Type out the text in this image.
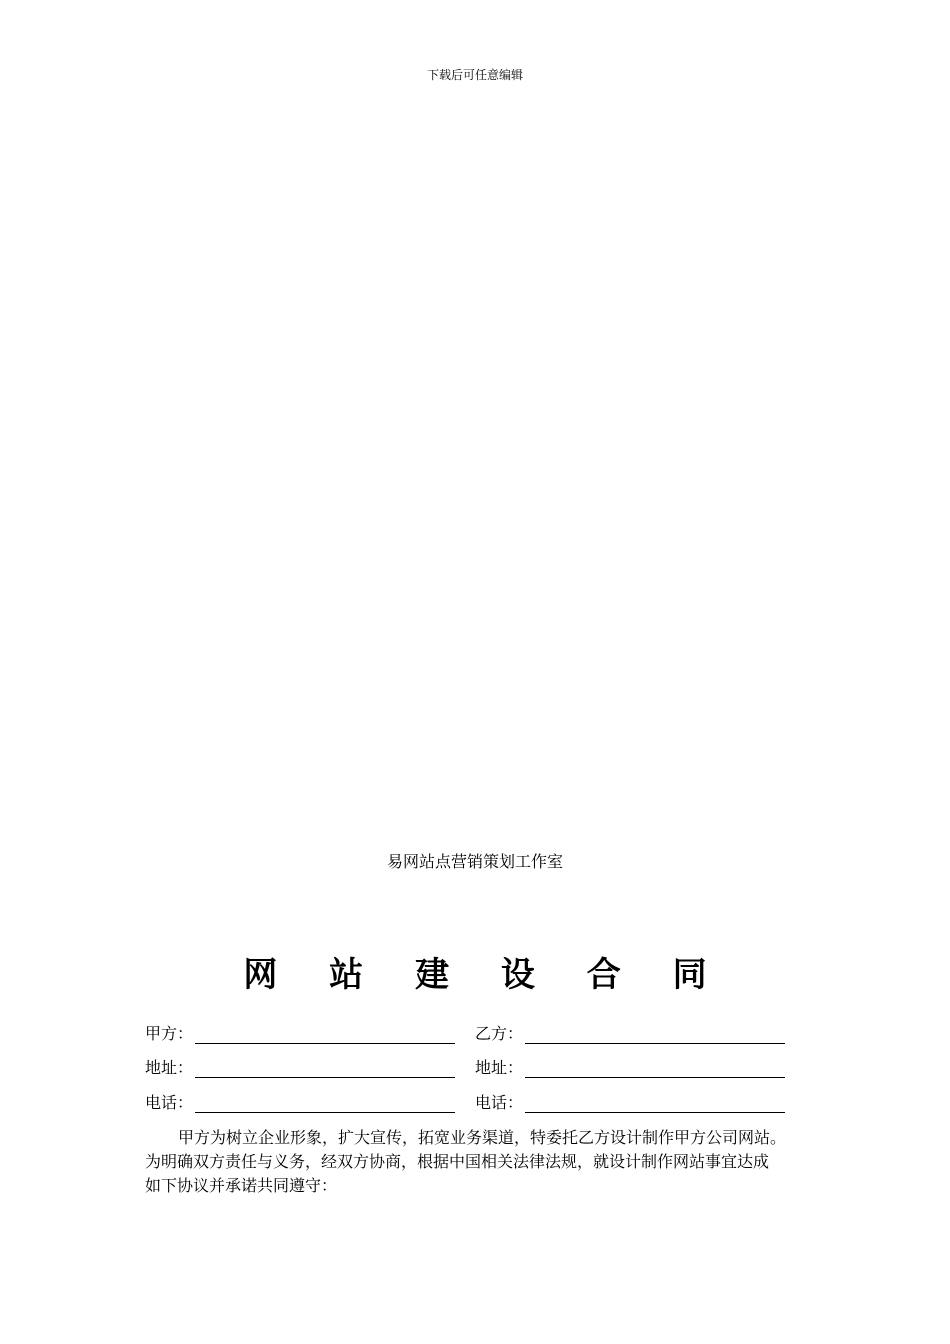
下载后可任意编辑
易网站点营销策划工作室
网 站 建 设 合 同
甲方：	乙方：
地址：	地址：
电话：	电话：

甲方为树立企业形象，扩大宣传，拓宽业务渠道，特委托乙方设计制作甲方公司网站。

为明确双方责任与义务，经双方协商，根据中国相关法律法规，就设计制作网站事宜达成

如下协议并承诺共同遵守：
